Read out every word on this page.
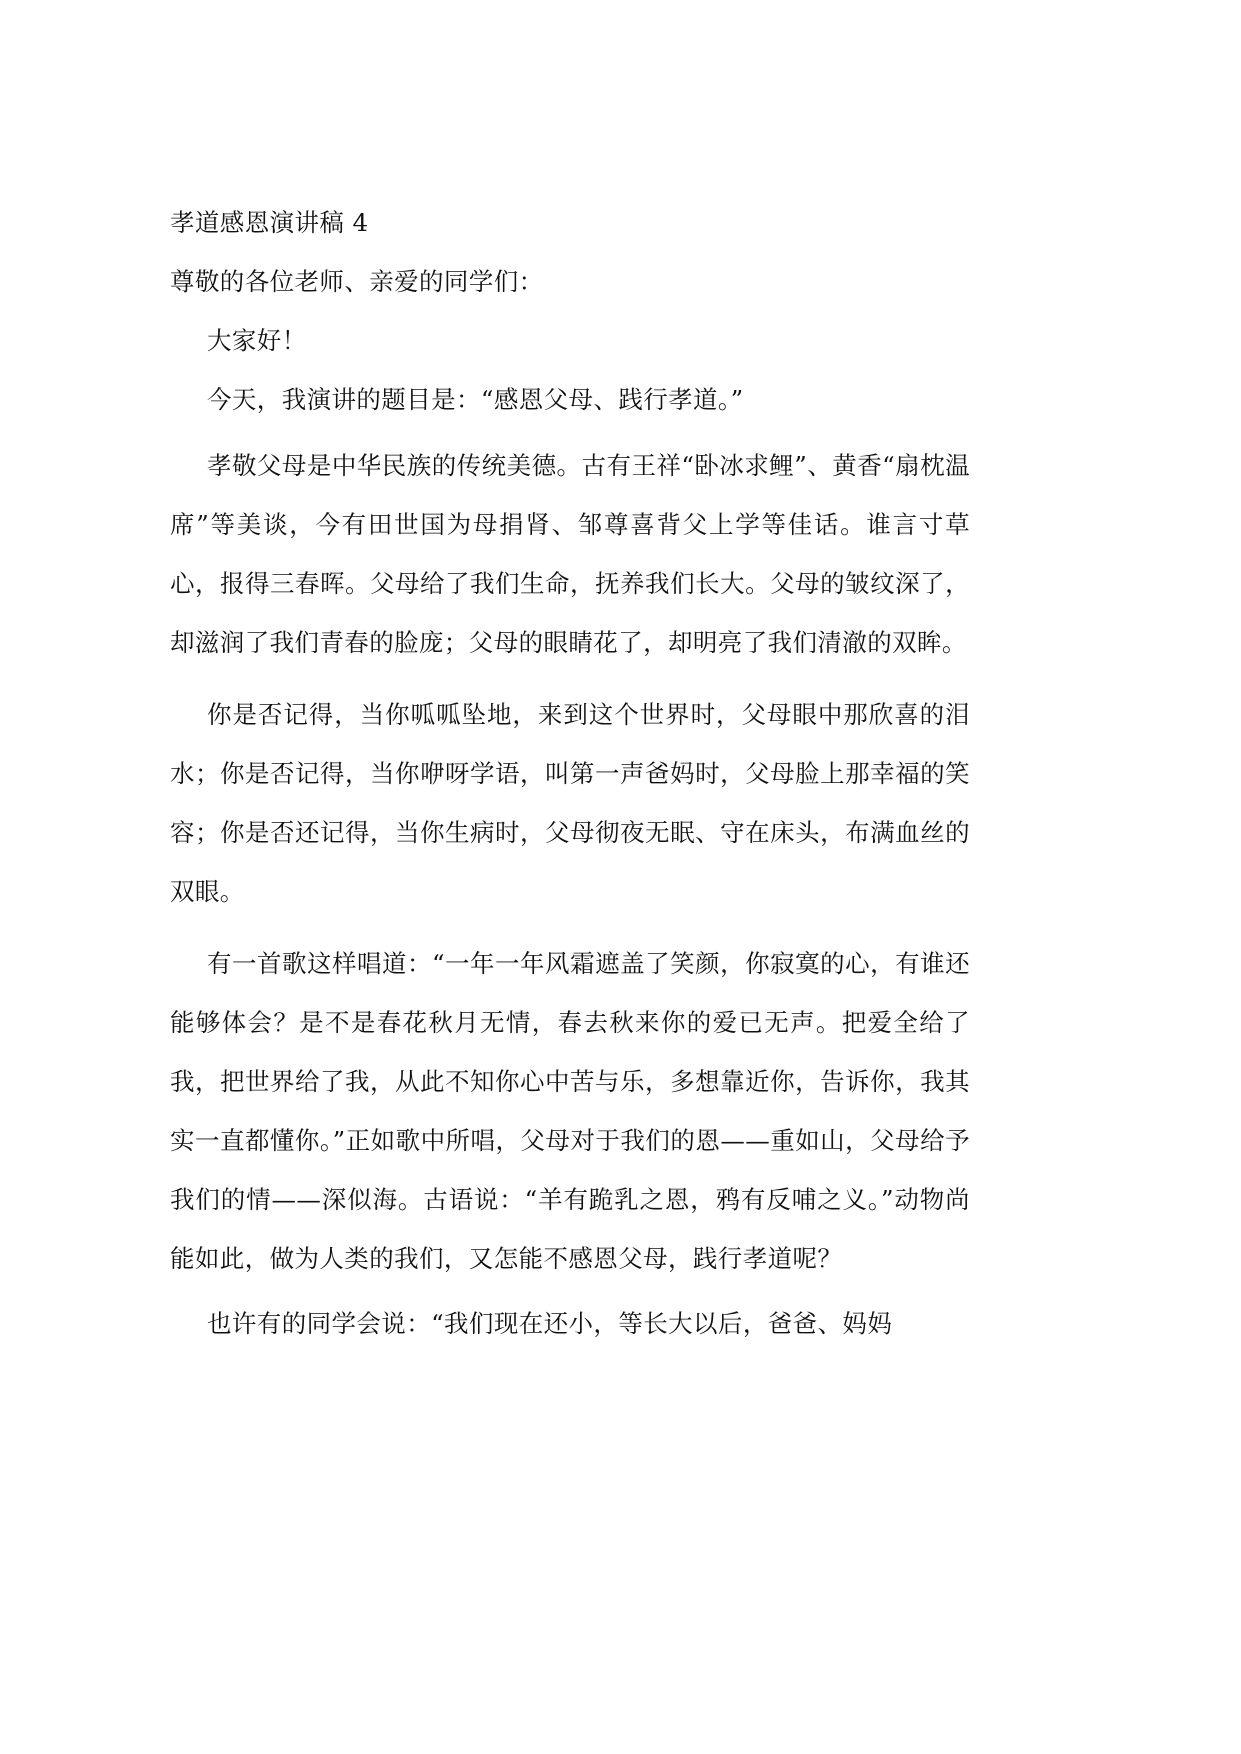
孝道感恩演讲稿 4
尊敬的各位老师、亲爱的同学们：

大家好！

今天，我演讲的题目是：“感恩父母、践行孝道。”

孝敬父母是中华民族的传统美德。古有王祥“卧冰求鲤”、黄香“扇枕温席”等美谈，今有田世国为母捐肾、邹尊喜背父上学等佳话。谁言寸草心，报得三春晖。父母给了我们生命，抚养我们长大。父母的皱纹深了，却滋润了我们青春的脸庞；父母的眼睛花了，却明亮了我们清澈的双眸。

你是否记得，当你呱呱坠地，来到这个世界时，父母眼中那欣喜的泪水；你是否记得，当你咿呀学语，叫第一声爸妈时，父母脸上那幸福的笑容；你是否还记得，当你生病时，父母彻夜无眠、守在床头，布满血丝的双眼。

有一首歌这样唱道：“一年一年风霜遮盖了笑颜，你寂寞的心，有谁还能够体会？是不是春花秋月无情，春去秋来你的爱已无声。把爱全给了我，把世界给了我，从此不知你心中苦与乐，多想靠近你，告诉你，我其实一直都懂你。”正如歌中所唱，父母对于我们的恩——重如山，父母给予我们的情——深似海。古语说：“羊有跪乳之恩，鸦有反哺之义。”动物尚能如此，做为人类的我们，又怎能不感恩父母，践行孝道呢？

也许有的同学会说：“我们现在还小，等长大以后，爸爸、妈妈
